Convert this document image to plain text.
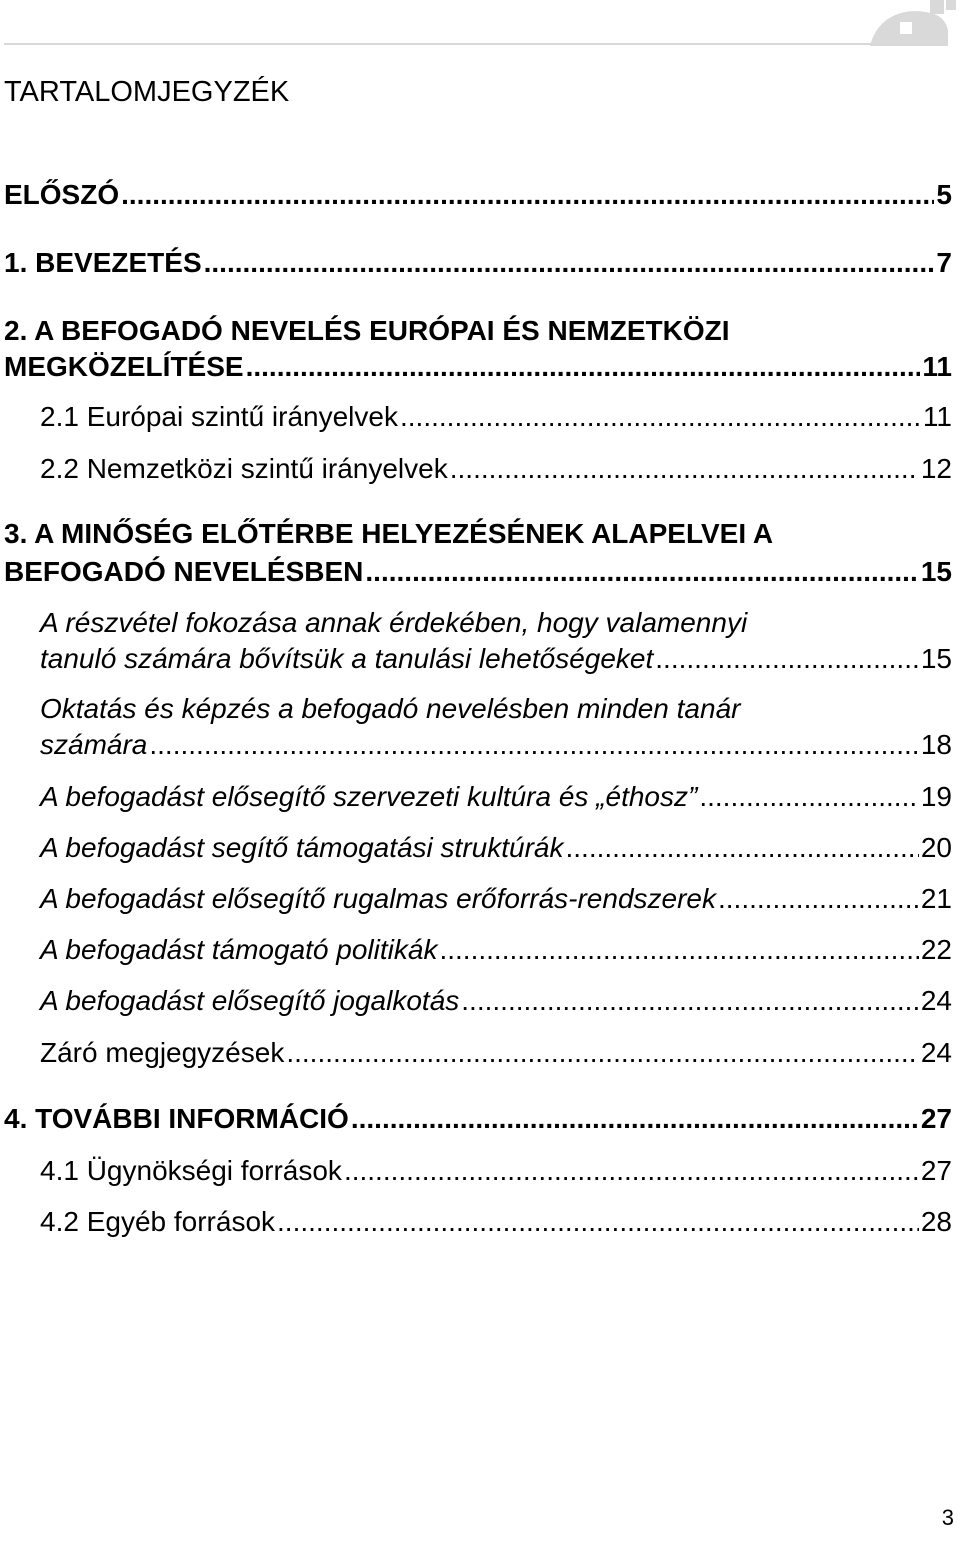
TARTALOMJEGYZÉK
ELŐSZÓ .....	5
1. BEVEZETÉS .....	7
2. A BEFOGADÓ NEVELÉS EURÓPAI ÉS NEMZETKÖZI
MEGKÖZELÍTÉSE .....	11
2.1 Európai szintű irányelvek .....	11
2.2 Nemzetközi szintű irányelvek .....	12
3. A MINŐSÉG ELŐTÉRBE HELYEZÉSÉNEK ALAPELVEI A
BEFOGADÓ NEVELÉSBEN .....	15
A részvétel fokozása annak érdekében, hogy valamennyi
tanuló számára bővítsük a tanulási lehetőségeket .....	15
Oktatás és képzés a befogadó nevelésben minden tanár
számára .....	18
A befogadást elősegítő szervezeti kultúra és „éthosz” .....	19
A befogadást segítő támogatási struktúrák .....	20
A befogadást elősegítő rugalmas erőforrás-rendszerek .....	21
A befogadást támogató politikák .....	22
A befogadást elősegítő jogalkotás .....	24
Záró megjegyzések .....	24
4. TOVÁBBI INFORMÁCIÓ .....	27
4.1 Ügynökségi források .....	27
4.2 Egyéb források .....	28
3
